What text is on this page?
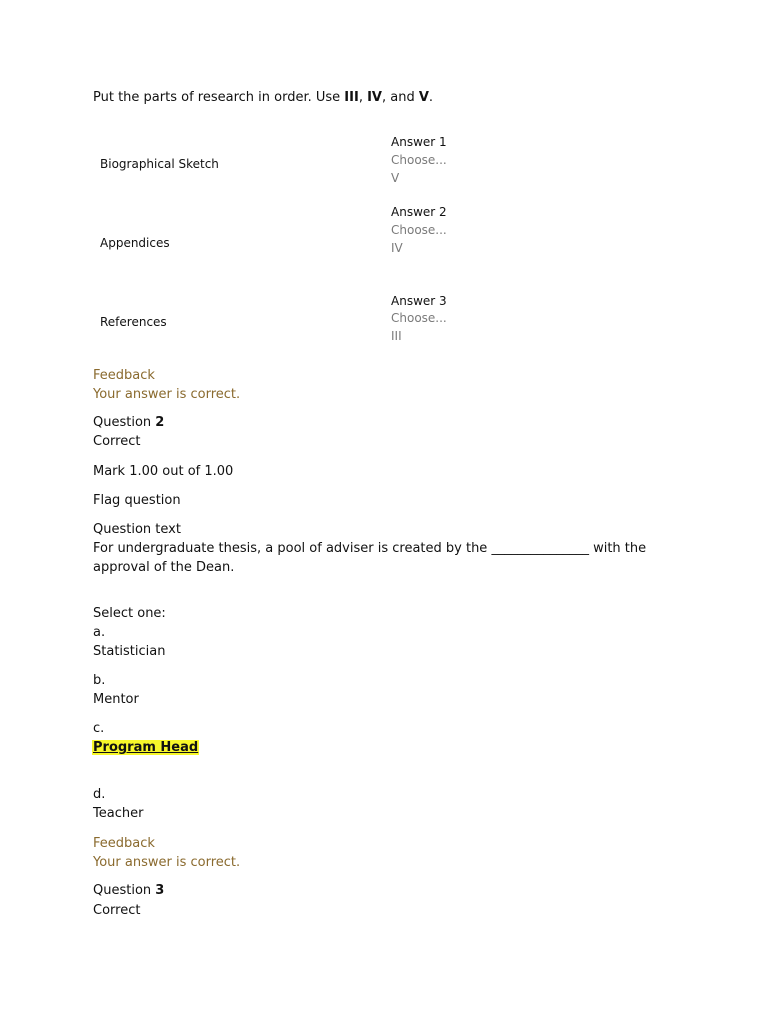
Put the parts of research in order. Use III, IV, and V.
Biographical Sketch
Answer 1
Choose...
V
Appendices
Answer 2
Choose...
IV
References
Answer 3
Choose...
III
Feedback
Your answer is correct.
Question 2
Correct
Mark 1.00 out of 1.00
Flag question
Question text
For undergraduate thesis, a pool of adviser is created by the _______________ with the
approval of the Dean.
Select one:
a.
Statistician
b.
Mentor
c.
Program Head
d.
Teacher
Feedback
Your answer is correct.
Question 3
Correct
